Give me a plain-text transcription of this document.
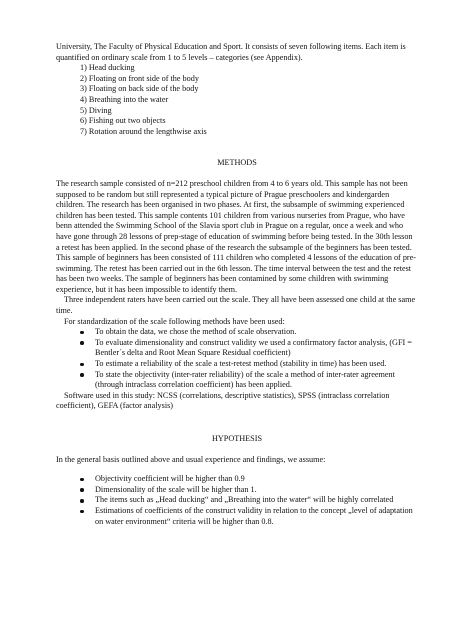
University, The Faculty of Physical Education and Sport. It consists of seven following items. Each item is quantified on ordinary scale from 1 to 5 levels – categories (see Appendix).

1) Head ducking
2) Floating on front side of the body
3) Floating on back side of the body
4) Breathing into the water
5) Diving
6) Fishing out two objects
7) Rotation around the lengthwise axis

METHODS

The research sample consisted of n=212 preschool children from 4 to 6 years old. This sample has not been supposed to be random but still represented a typical picture of Prague preschoolers and kindergarden children. The research has been organised in two phases. At first, the subsample of swimming experienced children has been tested. This sample contents 101 children from various nurseries from Prague, who have benn attended the Swimming School of the Slavia sport club in Prague on a regular, once a week and who have gone through 28 lessons of prep-stage of education of swimming before being tested. In the 30th lesson a retest has been applied. In the second phase of the research the subsample of the beginners has been tested. This sample of beginners has been consisted of 111 children who completed 4 lessons of the education of pre-swimming. The retest has been carried out in the 6th lesson. The time interval between the test and the retest has been two weeks. The sample of beginners has been contamined by some children with swimming experience, but it has been impossible to identify them.

Three independent raters have been carried out the scale. They all have been assessed one child at the same time.

For standardization of the scale following methods have been used:

To obtain the data, we chose the method of scale observation.
To evaluate dimensionality and construct validity we used a confirmatory factor analysis, (GFI = Bentler´s delta and Root Mean Square Residual coefficient)
To estimate a reliability of the scale a test-retest method (stability in time) has been used.
To state the objectivity (inter-rater reliability) of the scale a method of inter-rater agreement (through intraclass correlation coefficient) has been applied.

Software used in this study: NCSS (correlations, descriptive statistics), SPSS (intraclass correlation coefficient), GEFA (factor analysis)

HYPOTHESIS

In the general basis outlined above and usual experience and findings, we assume:

Objectivity coefficient will be higher than 0.9
Dimensionality of the scale will be higher than 1.
The items such as „Head ducking“ and „Breathing into the water“ will be highly correlated
Estimations of coefficients of the construct validity in relation to the concept „level of adaptation on water environment“ criteria will be higher than 0.8.
